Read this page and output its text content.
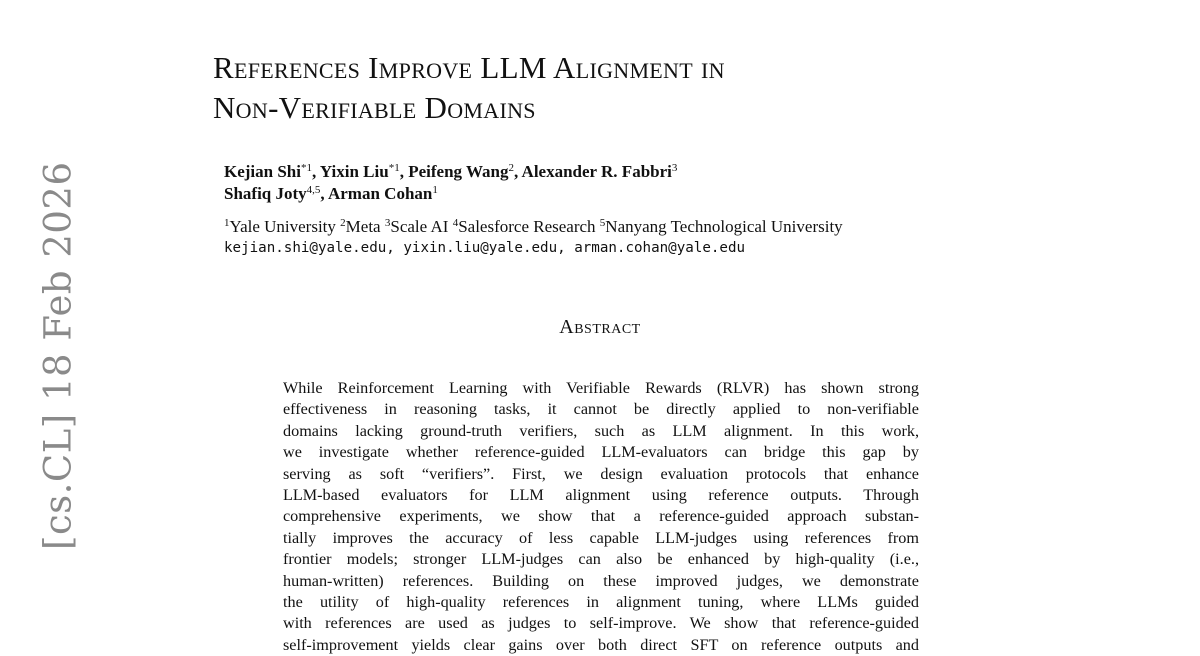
[cs.CL] 18 Feb 2026
References Improve LLM Alignment in
Non-Verifiable Domains
Kejian Shi$^{*1}$, Yixin Liu$^{*1}$, Peifeng Wang$^2$, Alexander R. Fabbri$^3$
Shafiq Joty$^{4,5}$, Arman Cohan$^1$
$^1$Yale University $^2$Meta $^3$Scale AI $^4$Salesforce Research $^5$Nanyang Technological University
kejian.shi@yale.edu, yixin.liu@yale.edu, arman.cohan@yale.edu
Abstract
While Reinforcement Learning with Verifiable Rewards (RLVR) has shown strong
effectiveness in reasoning tasks, it cannot be directly applied to non-verifiable
domains lacking ground-truth verifiers, such as LLM alignment. In this work,
we investigate whether reference-guided LLM-evaluators can bridge this gap by
serving as soft “verifiers”. First, we design evaluation protocols that enhance
LLM-based evaluators for LLM alignment using reference outputs. Through
comprehensive experiments, we show that a reference-guided approach substan-
tially improves the accuracy of less capable LLM-judges using references from
frontier models; stronger LLM-judges can also be enhanced by high-quality (i.e.,
human-written) references. Building on these improved judges, we demonstrate
the utility of high-quality references in alignment tuning, where LLMs guided
with references are used as judges to self-improve. We show that reference-guided
self-improvement yields clear gains over both direct SFT on reference outputs and
